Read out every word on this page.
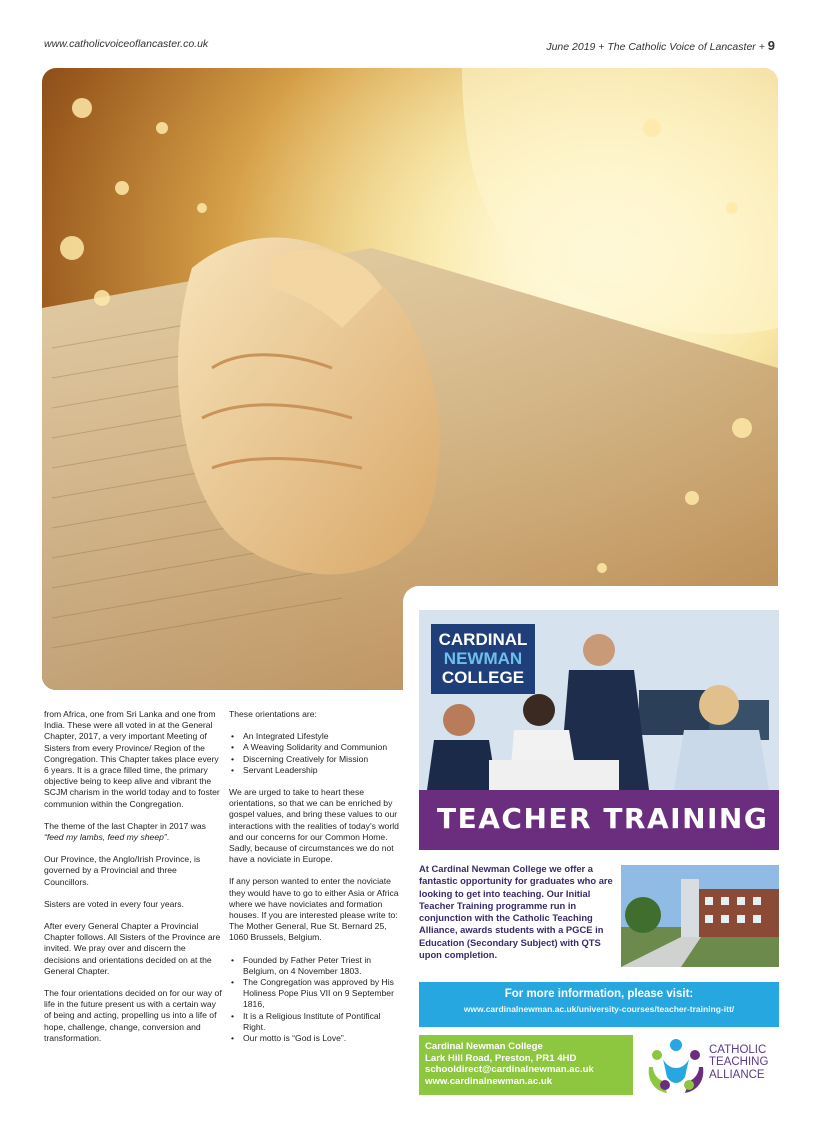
www.catholicvoiceoflancaster.co.uk	June 2019 + The Catholic Voice of Lancaster + 9

from Africa, one from Sri Lanka and one from India. These were all voted in at the General Chapter, 2017, a very important Meeting of Sisters from every Province/ Region of the Congregation. This Chapter takes place every 6 years. It is a grace filled time, the primary objective being to keep alive and vibrant the SCJM charism in the world today and to foster communion within the Congregation.

The theme of the last Chapter in 2017 was “feed my lambs, feed my sheep”.

Our Province, the Anglo/Irish Province, is governed by a Provincial and three Councillors.

Sisters are voted in every four years.

After every General Chapter a Provincial Chapter follows. All Sisters of the Province are invited. We pray over and discern the decisions and orientations decided on at the General Chapter.

The four orientations decided on for our way of life in the future present us with a certain way of being and acting, propelling us into a life of hope, challenge, change, conversion and transformation.

These orientations are:

• An Integrated Lifestyle
• A Weaving Solidarity and Communion
• Discerning Creatively for Mission
• Servant Leadership

We are urged to take to heart these orientations, so that we can be enriched by gospel values, and bring these values to our interactions with the realities of today’s world and our concerns for our Common Home. Sadly, because of circumstances we do not have a noviciate in Europe.

If any person wanted to enter the noviciate they would have to go to either Asia or Africa where we have noviciates and formation houses. If you are interested please write to: The Mother General, Rue St. Bernard 25, 1060 Brussels, Belgium.

• Founded by Father Peter Triest in Belgium, on 4 November 1803.
• The Congregation was approved by His Holiness Pope Pius VII on 9 September 1816,
• It is a Religious Institute of Pontifical Right.
• Our motto is “God is Love”.
CARDINAL
NEWMAN
COLLEGE
TEACHER TRAINING
At Cardinal Newman College we offer a fantastic opportunity for graduates who are looking to get into teaching. Our Initial Teacher Training programme run in conjunction with the Catholic Teaching Alliance, awards students with a PGCE in Education (Secondary Subject) with QTS upon completion.
For more information, please visit:
www.cardinalnewman.ac.uk/university-courses/teacher-training-itt/
Cardinal Newman College
Lark Hill Road, Preston, PR1 4HD
schooldirect@cardinalnewman.ac.uk
www.cardinalnewman.ac.uk
CATHOLIC
TEACHING
ALLIANCE
